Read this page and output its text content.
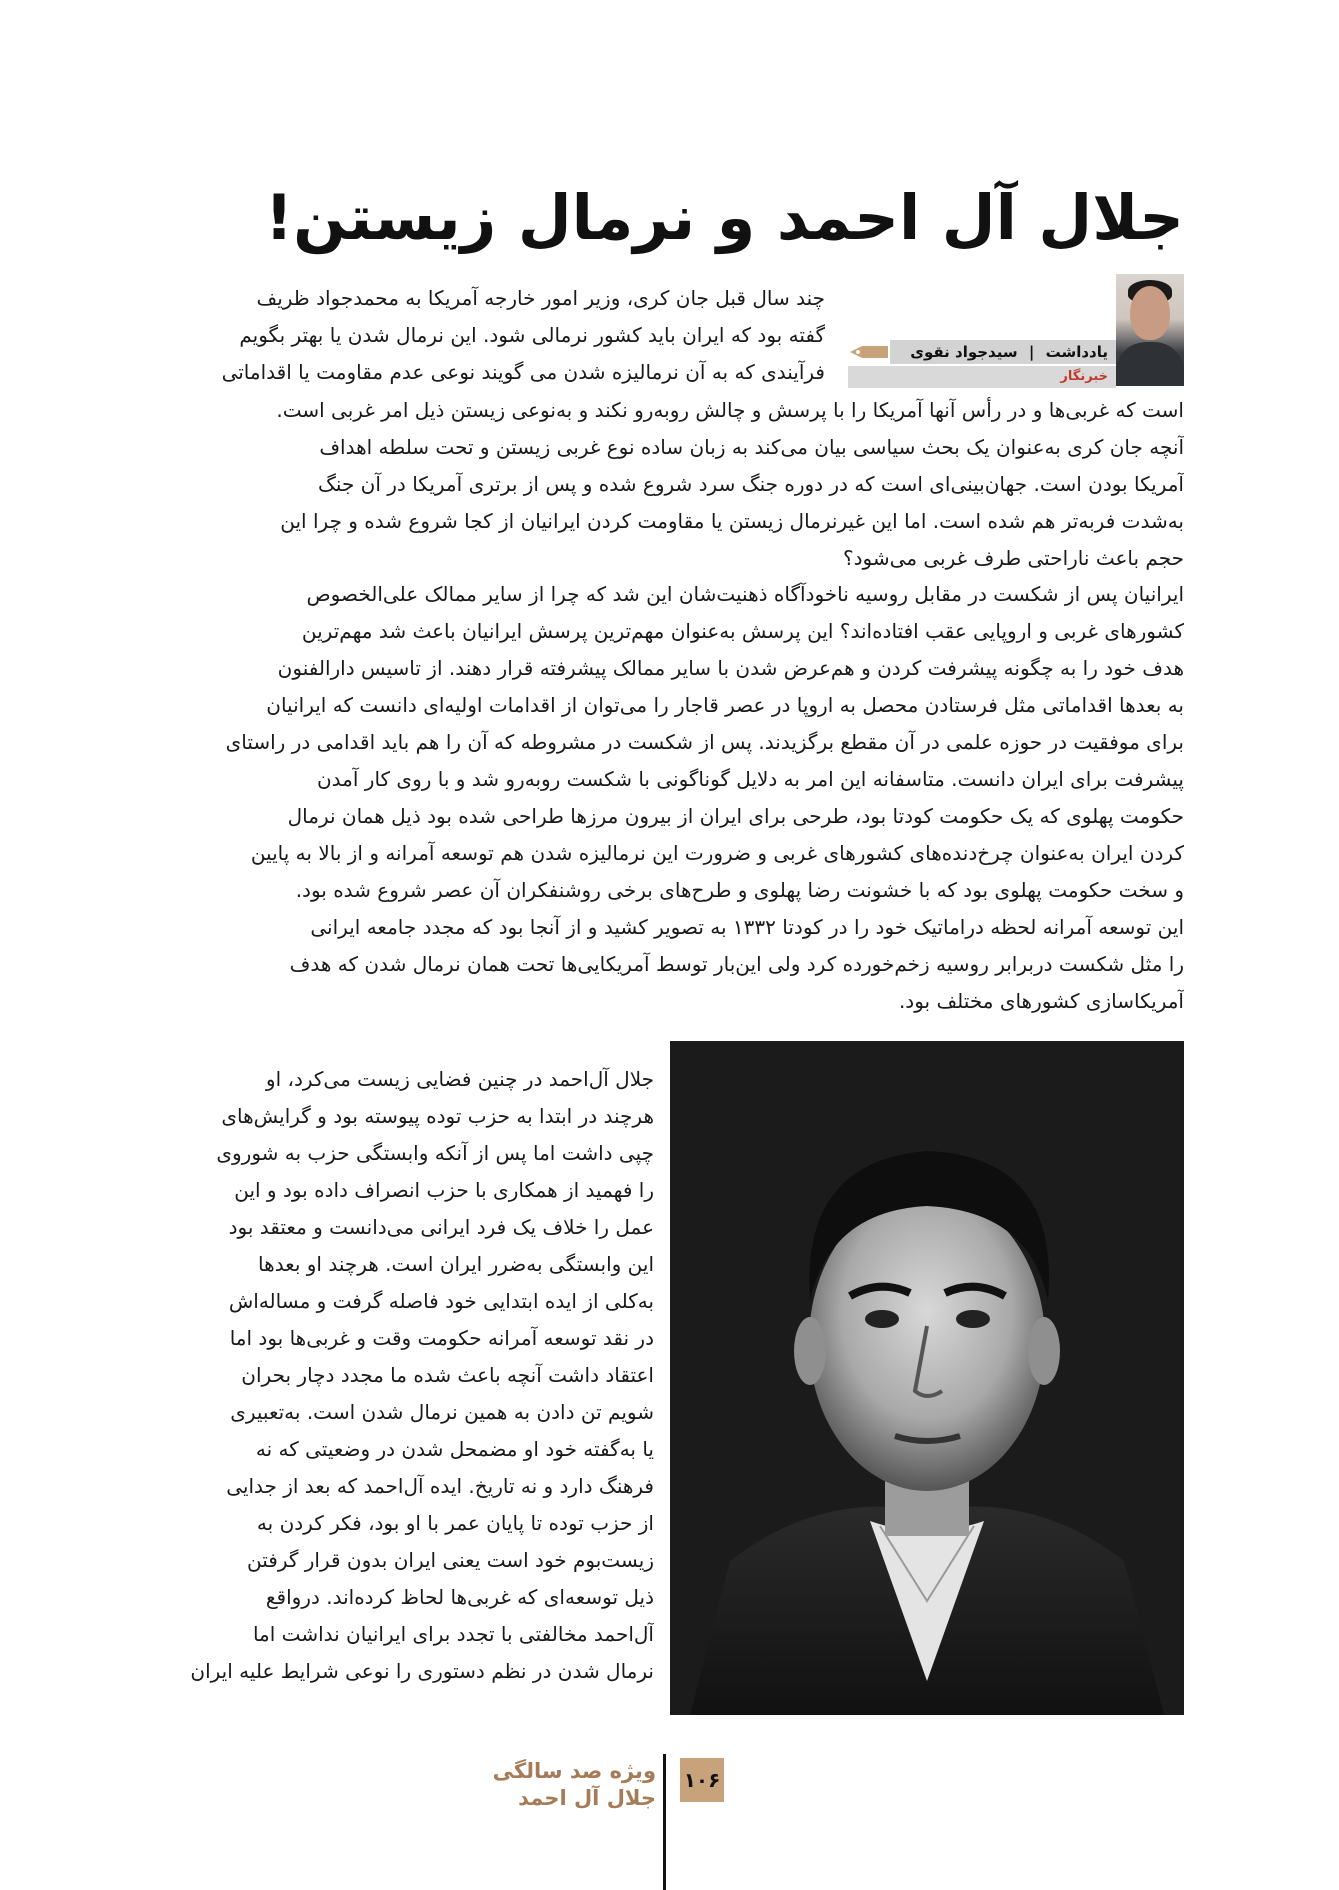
جلال آل احمد و نرمال زیستن!
یادداشت | سیدجواد نقوی
خبرنگار
چند سال قبل جان کری، وزیر امور خارجه آمریکا به محمدجواد ظریف
گفته بود که ایران باید کشور نرمالی شود. این نرمال شدن یا بهتر بگویم
فرآیندی که به آن نرمالیزه شدن می گویند نوعی عدم مقاومت یا اقداماتی
است که غربی‌ها و در رأس آنها آمریکا را با پرسش و چالش روبه‌رو نکند و به‌نوعی زیستن ذیل امر غربی است.
آنچه جان کری به‌عنوان یک بحث سیاسی بیان می‌کند به زبان ساده نوع غربی زیستن و تحت سلطه اهداف
آمریکا بودن است. جهان‌بینی‌ای است که در دوره جنگ سرد شروع شده و پس از برتری آمریکا در آن جنگ
به‌شدت فربه‌تر هم شده است. اما این غیرنرمال زیستن یا مقاومت کردن ایرانیان از کجا شروع شده و چرا این
حجم باعث ناراحتی طرف غربی می‌شود؟
ایرانیان پس از شکست در مقابل روسیه ناخودآگاه ذهنیت‌شان این شد که چرا از سایر ممالک علی‌الخصوص
کشورهای غربی و اروپایی عقب افتاده‌اند؟ این پرسش به‌عنوان مهم‌ترین پرسش ایرانیان باعث شد مهم‌ترین
هدف خود را به چگونه پیشرفت کردن و هم‌عرض شدن با سایر ممالک پیشرفته قرار دهند. از تاسیس دارالفنون
به بعدها اقداماتی مثل فرستادن محصل به اروپا در عصر قاجار را می‌توان از اقدامات اولیه‌ای دانست که ایرانیان
برای موفقیت در حوزه علمی در آن مقطع برگزیدند. پس از شکست در مشروطه که آن را هم باید اقدامی در راستای
پیشرفت برای ایران دانست. متاسفانه این امر به دلایل گوناگونی با شکست روبه‌رو شد و با روی کار آمدن
حکومت پهلوی که یک حکومت کودتا بود، طرحی برای ایران از بیرون مرزها طراحی شده بود ذیل همان نرمال
کردن ایران به‌عنوان چرخ‌دنده‌های کشورهای غربی و ضرورت این نرمالیزه شدن هم توسعه آمرانه و از بالا به پایین
و سخت حکومت پهلوی بود که با خشونت رضا پهلوی و طرح‌های برخی روشنفکران آن عصر شروع شده بود.
این توسعه آمرانه لحظه دراماتیک خود را در کودتا ۱۳۳۲ به تصویر کشید و از آنجا بود که مجدد جامعه ایرانی
را مثل شکست دربرابر روسیه زخم‌خورده کرد ولی این‌بار توسط آمریکایی‌ها تحت همان نرمال شدن که هدف
آمریکاسازی کشورهای مختلف بود.
جلال آل‌احمد در چنین فضایی زیست می‌کرد، او
هرچند در ابتدا به حزب توده پیوسته بود و گرایش‌های
چپی داشت اما پس از آنکه وابستگی حزب به شوروی
را فهمید از همکاری با حزب انصراف داده بود و این
عمل را خلاف یک فرد ایرانی می‌دانست و معتقد بود
این وابستگی به‌ضرر ایران است. هرچند او بعدها
به‌کلی از ایده ابتدایی خود فاصله گرفت و مساله‌اش
در نقد توسعه آمرانه حکومت وقت و غربی‌ها بود اما
اعتقاد داشت آنچه باعث شده ما مجدد دچار بحران
شویم تن دادن به همین نرمال شدن است. به‌تعبیری
یا به‌گفته خود او مضمحل شدن در وضعیتی که نه
فرهنگ دارد و نه تاریخ. ایده آل‌احمد که بعد از جدایی
از حزب توده تا پایان عمر با او بود، فکر کردن به
زیست‌بوم خود است یعنی ایران بدون قرار گرفتن
ذیل توسعه‌ای که غربی‌ها لحاظ کرده‌اند. درواقع
آل‌احمد مخالفتی با تجدد برای ایرانیان نداشت اما
نرمال شدن در نظم دستوری را نوعی شرایط علیه ایران
۱۰۶
ویژه صد سالگی
جلال آل احمد
